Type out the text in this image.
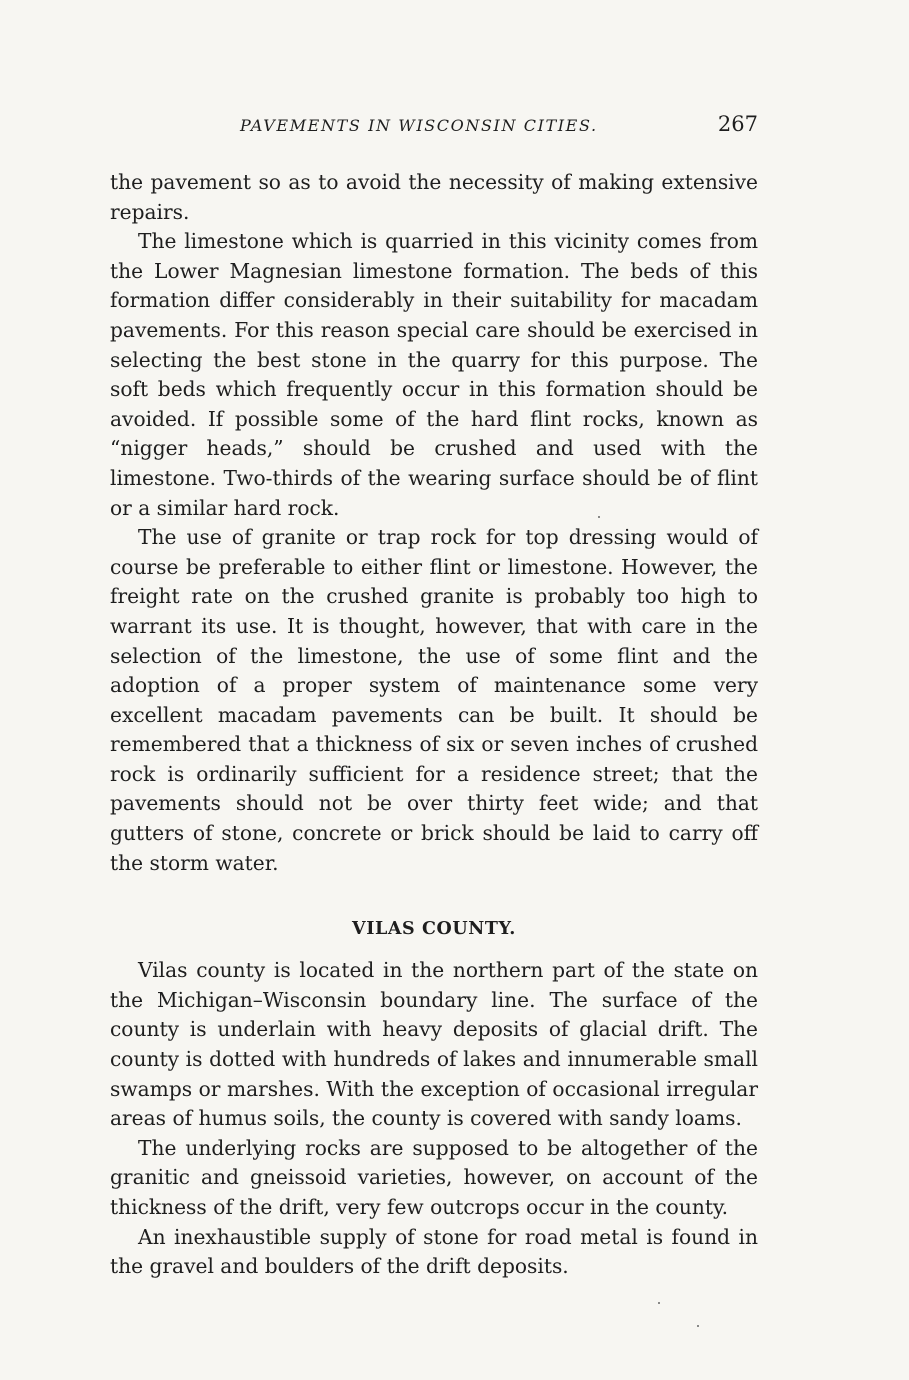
PAVEMENTS IN WISCONSIN CITIES.	267

the pavement so as to avoid the necessity of making extensive repairs.

The limestone which is quarried in this vicinity comes from the Lower Magnesian limestone formation. The beds of this formation differ considerably in their suitability for macadam pavements. For this reason special care should be exercised in selecting the best stone in the quarry for this purpose. The soft beds which frequently occur in this formation should be avoided. If possible some of the hard flint rocks, known as “nigger heads,” should be crushed and used with the limestone. Two-thirds of the wearing surface should be of flint or a similar hard rock.

The use of granite or trap rock for top dressing would of course be preferable to either flint or limestone. However, the freight rate on the crushed granite is probably too high to warrant its use. It is thought, however, that with care in the selection of the limestone, the use of some flint and the adoption of a proper system of maintenance some very excellent macadam pavements can be built. It should be remembered that a thickness of six or seven inches of crushed rock is ordinarily sufficient for a residence street; that the pavements should not be over thirty feet wide; and that gutters of stone, concrete or brick should be laid to carry off the storm water.

VILAS COUNTY.

Vilas county is located in the northern part of the state on the Michigan–Wisconsin boundary line. The surface of the county is underlain with heavy deposits of glacial drift. The county is dotted with hundreds of lakes and innumerable small swamps or marshes. With the exception of occasional irregular areas of humus soils, the county is covered with sandy loams.

The underlying rocks are supposed to be altogether of the granitic and gneissoid varieties, however, on account of the thickness of the drift, very few outcrops occur in the county.

An inexhaustible supply of stone for road metal is found in the gravel and boulders of the drift deposits.
